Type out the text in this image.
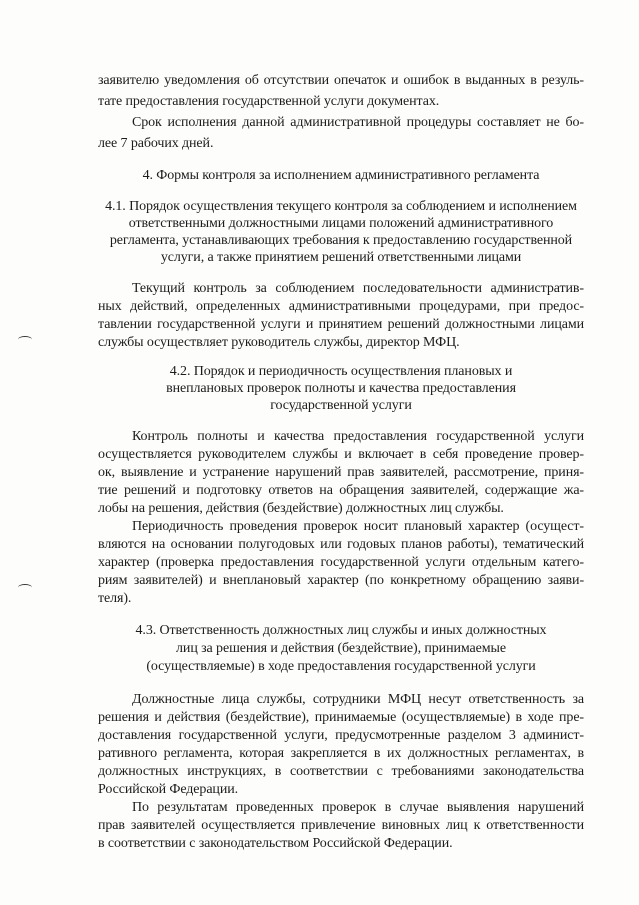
заявителю уведомления об отсутствии опечаток и ошибок в выданных в резуль-
тате предоставления государственной услуги документах.
Срок исполнения данной административной процедуры составляет не бо-
лее 7 рабочих дней.
4. Формы контроля за исполнением административного регламента
4.1. Порядок осуществления текущего контроля за соблюдением и исполнением
ответственными должностными лицами положений административного
регламента, устанавливающих требования к предоставлению государственной
услуги, а также принятием решений ответственными лицами
Текущий контроль за соблюдением последовательности административ-
ных действий, определенных административными процедурами, при предос-
тавлении государственной услуги и принятием решений должностными лицами
службы осуществляет руководитель службы, директор МФЦ.
4.2. Порядок и периодичность осуществления плановых и
внеплановых проверок полноты и качества предоставления
государственной услуги
Контроль полноты и качества предоставления государственной услуги
осуществляется руководителем службы и включает в себя проведение провер-
ок, выявление и устранение нарушений прав заявителей, рассмотрение, приня-
тие решений и подготовку ответов на обращения заявителей, содержащие жа-
лобы на решения, действия (бездействие) должностных лиц службы.
Периодичность проведения проверок носит плановый характер (осущест-
вляются на основании полугодовых или годовых планов работы), тематический
характер (проверка предоставления государственной услуги отдельным катего-
риям заявителей) и внеплановый характер (по конкретному обращению заяви-
теля).
4.3. Ответственность должностных лиц службы и иных должностных
лиц за решения и действия (бездействие), принимаемые
(осуществляемые) в ходе предоставления государственной услуги
Должностные лица службы, сотрудники МФЦ несут ответственность за
решения и действия (бездействие), принимаемые (осуществляемые) в ходе пре-
доставления государственной услуги, предусмотренные разделом 3 админист-
ративного регламента, которая закрепляется в их должностных регламентах, в
должностных инструкциях, в соответствии с требованиями законодательства
Российской Федерации.
По результатам проведенных проверок в случае выявления нарушений
прав заявителей осуществляется привлечение виновных лиц к ответственности
в соответствии с законодательством Российской Федерации.
